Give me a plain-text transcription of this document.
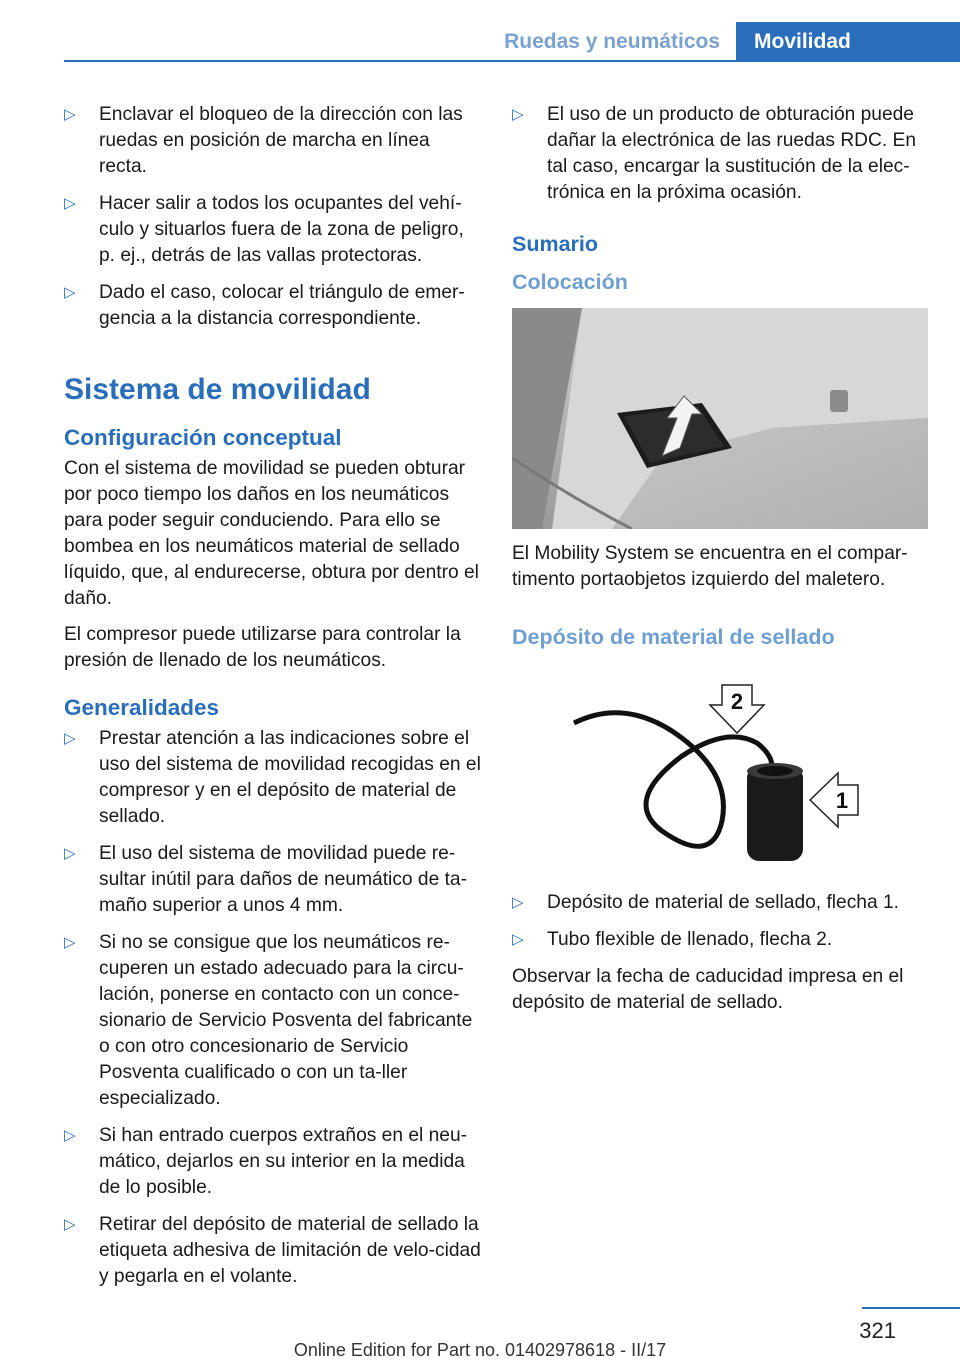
Ruedas y neumáticos	Movilidad
▷ Enclavar el bloqueo de la dirección con las ruedas en posición de marcha en línea recta.
▷ Hacer salir a todos los ocupantes del vehí‐culo y situarlos fuera de la zona de peligro, p. ej., detrás de las vallas protectoras.
▷ Dado el caso, colocar el triángulo de emer‐gencia a la distancia correspondiente.
Sistema de movilidad
Configuración conceptual

Con el sistema de movilidad se pueden obturar por poco tiempo los daños en los neumáticos para poder seguir conduciendo. Para ello se bombea en los neumáticos material de sellado líquido, que, al endurecerse, obtura por dentro el daño.

El compresor puede utilizarse para controlar la presión de llenado de los neumáticos.

Generalidades
▷ Prestar atención a las indicaciones sobre el uso del sistema de movilidad recogidas en el compresor y en el depósito de material de sellado.
▷ El uso del sistema de movilidad puede re‐sultar inútil para daños de neumático de ta‐maño superior a unos 4 mm.
▷ Si no se consigue que los neumáticos re‐cuperen un estado adecuado para la circu‐lación, ponerse en contacto con un conce‐sionario de Servicio Posventa del fabricante o con otro concesionario de Servicio Posventa cualificado o con un ta‐ller especializado.
▷ Si han entrado cuerpos extraños en el neu‐mático, dejarlos en su interior en la medida de lo posible.
▷ Retirar del depósito de material de sellado la etiqueta adhesiva de limitación de velo‐cidad y pegarla en el volante.
▷ El uso de un producto de obturación puede dañar la electrónica de las ruedas RDC. En tal caso, encargar la sustitución de la elec‐trónica en la próxima ocasión.
Sumario
Colocación

El Mobility System se encuentra en el compar‐timento portaobjetos izquierdo del maletero.

Depósito de material de sellado
2
1
▷ Depósito de material de sellado, flecha 1.
▷ Tubo flexible de llenado, flecha 2.

Observar la fecha de caducidad impresa en el depósito de material de sellado.

321
Online Edition for Part no. 01402978618 - II/17
